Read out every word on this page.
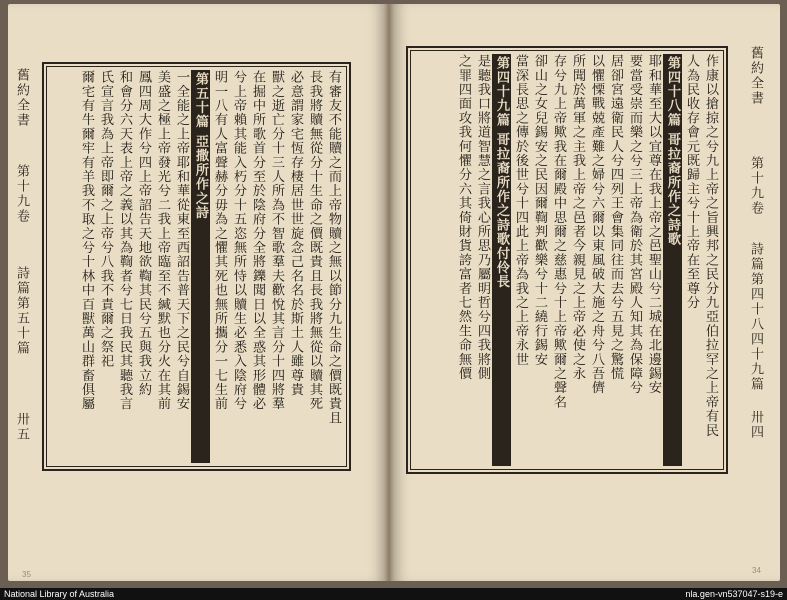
舊約全書
第十九卷
詩篇第五十篇
卅五
有審友不能贖之而上帝物贖之無以節分九生命之價既貴且
長我將贖無從分十生命之價既貴且長我將無從以贖其死
必意謂家宅恆存棲居世世旋念己名名於斯土人雖尊貴
獸之逝亡分十三人所為不智歌羣夫歡悅其言分十四將羣
在掘中所歌首分至於陰府分全將鑠聞日以全惑其形體必
兮上帝賴其能入朽分十五恣無所恃以贖生必悉入陰府兮
明一八有人富聲赫分毋為之懼其死也無所攜分一七生前
第五十篇 亞撒所作之詩
一全能之上帝耶和華從東至西詔告普天下之民兮自錫安
美盛之極上帝發光兮二我上帝臨至不緘默也分火在其前
鳳四周大作兮四上帝詔告天地欲鞫其民兮五與我立約
和會分六天表上帝之義以其為鞫者兮七日我民其聽我言
氏宣言我為上帝即爾之上帝兮八我不責爾之祭祀
爾宅有牛爾牢有羊我不取之兮十林中百獸萬山群畜俱屬
35
作康以搶掠之兮九上帝之旨興邦之民分九亞伯拉罕之上帝有民
人為民收存會元既歸主兮十上帝在至尊分
第四十八篇 哥拉裔所作之詩歌
耶和華至大以宜尊在我上帝之邑聖山兮二城在北邊錫安
要當受崇而樂之兮三上帝為衛於其宮殿人知其為保障兮
居卻宮遠衛民人兮四列王會集同往而去兮五見之驚慌
以懼慄戰兢產難之婦兮六爾以東風破大施之舟兮八吾儕
所聞於萬軍之主我上帝之邑者今親見之上帝必使之永
存兮九上帝歟我在爾殿中思爾之慈惠兮十上帝歟爾之聲名
卻山之女兒錫安之民因爾鞫判歡樂兮十二繞行錫安
當深長思之傳於後世兮十四此上帝為我之上帝永世
第四十九篇 哥拉裔所作之詩歌付伶長
是聽我口將道智慧之言我心所思乃屬明哲兮四我將側
之罪四面攻我何懼分六其倚財貨誇富者七然生命無價	舊約全書
第十九卷
詩篇第四十八四十九篇
卅四
34
National Library of Australia	nla.gen-vn537047-s19-e
